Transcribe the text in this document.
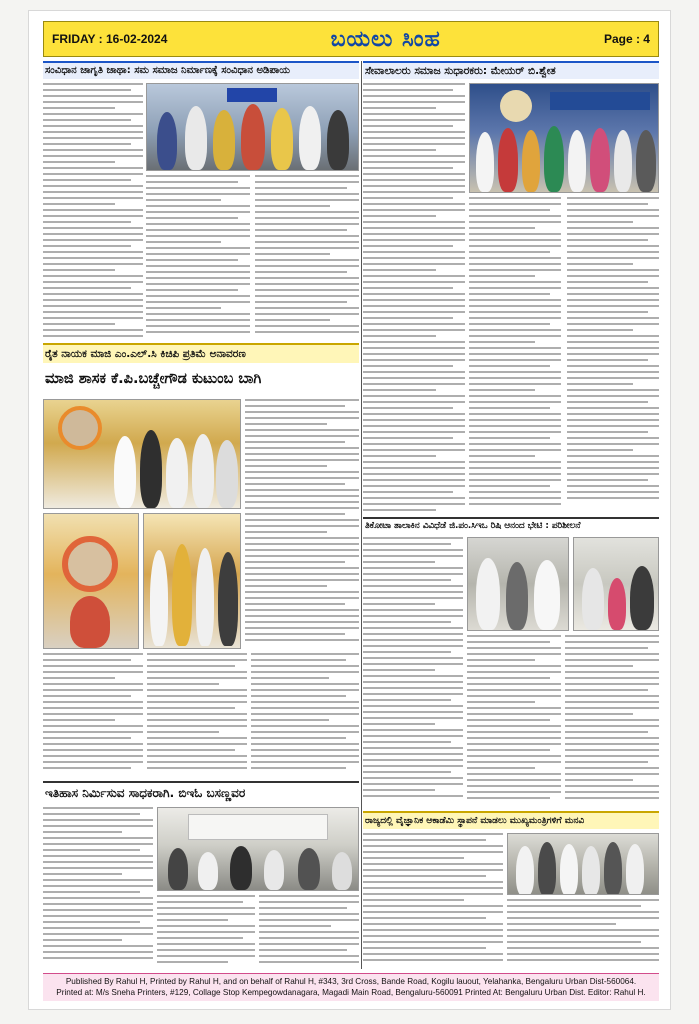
FRIDAY : 16-02-2024	ಬಯಲು ಸಿಂಹ	Page : 4
ಸಂವಿಧಾನ ಜಾಗೃತಿ ಜಾಥಾ: ಸಮ ಸಮಾಜ ನಿರ್ಮಾಣಕ್ಕೆ ಸಂವಿಧಾನ ಅಡಿಪಾಯ	ಸೇವಾಲಾಲರು ಸಮಾಜ ಸುಧಾರಕರು: ಮೇಯರ್ ಬಿ.ಶ್ವೇತ
ರೈತ ನಾಯಕ ಮಾಜಿ ಎಂ.ಎಲ್.ಸಿ ಕಿಚಿಪಿ ಪ್ರತಿಮೆ ಅನಾವರಣ
ಮಾಜಿ ಶಾಸಕ ಕೆ.ಪಿ.ಬಚ್ಚೇಗೌಡ ಕುಟುಂಬ ಬಾಗಿ
ತಿಕೋಟಾ ತಾಲಾಕಿನ ವಿವಿಧೆಡೆ ಜಿ.ಪಂ.ಸಿಇಒ ರಿಷಿ ಆನಂದ ಭೇಟಿ : ಪರಿಶೀಲನೆ
ಇತಿಹಾಸ ನಿರ್ಮಿಸುವ ಸಾಧಕರಾಗಿ. ಬಿಇಓ ಬಸಣ್ಣವರ
ರಾಜ್ಯದಲ್ಲಿ ವೈಜ್ಞಾನಿಕ ಆಕಾಡೆಮಿ ಸ್ಥಾಪನೆ ಮಾಡಲು ಮುಖ್ಯಮಂತ್ರಿಗಳಿಗೆ ಮನವಿ
Published By Rahul H, Printed by Rahul H, and on behalf of Rahul H, #343, 3rd Cross, Bande Road, Kogilu lauout, Yelahanka, Bengaluru Urban Dist-560064.
Printed at: M/s Sneha Printers, #129, Collage Stop Kempegowdanagara, Magadi Main Road, Bengaluru-560091 Printed At: Bengaluru Urban Dist. Editor: Rahul H.
